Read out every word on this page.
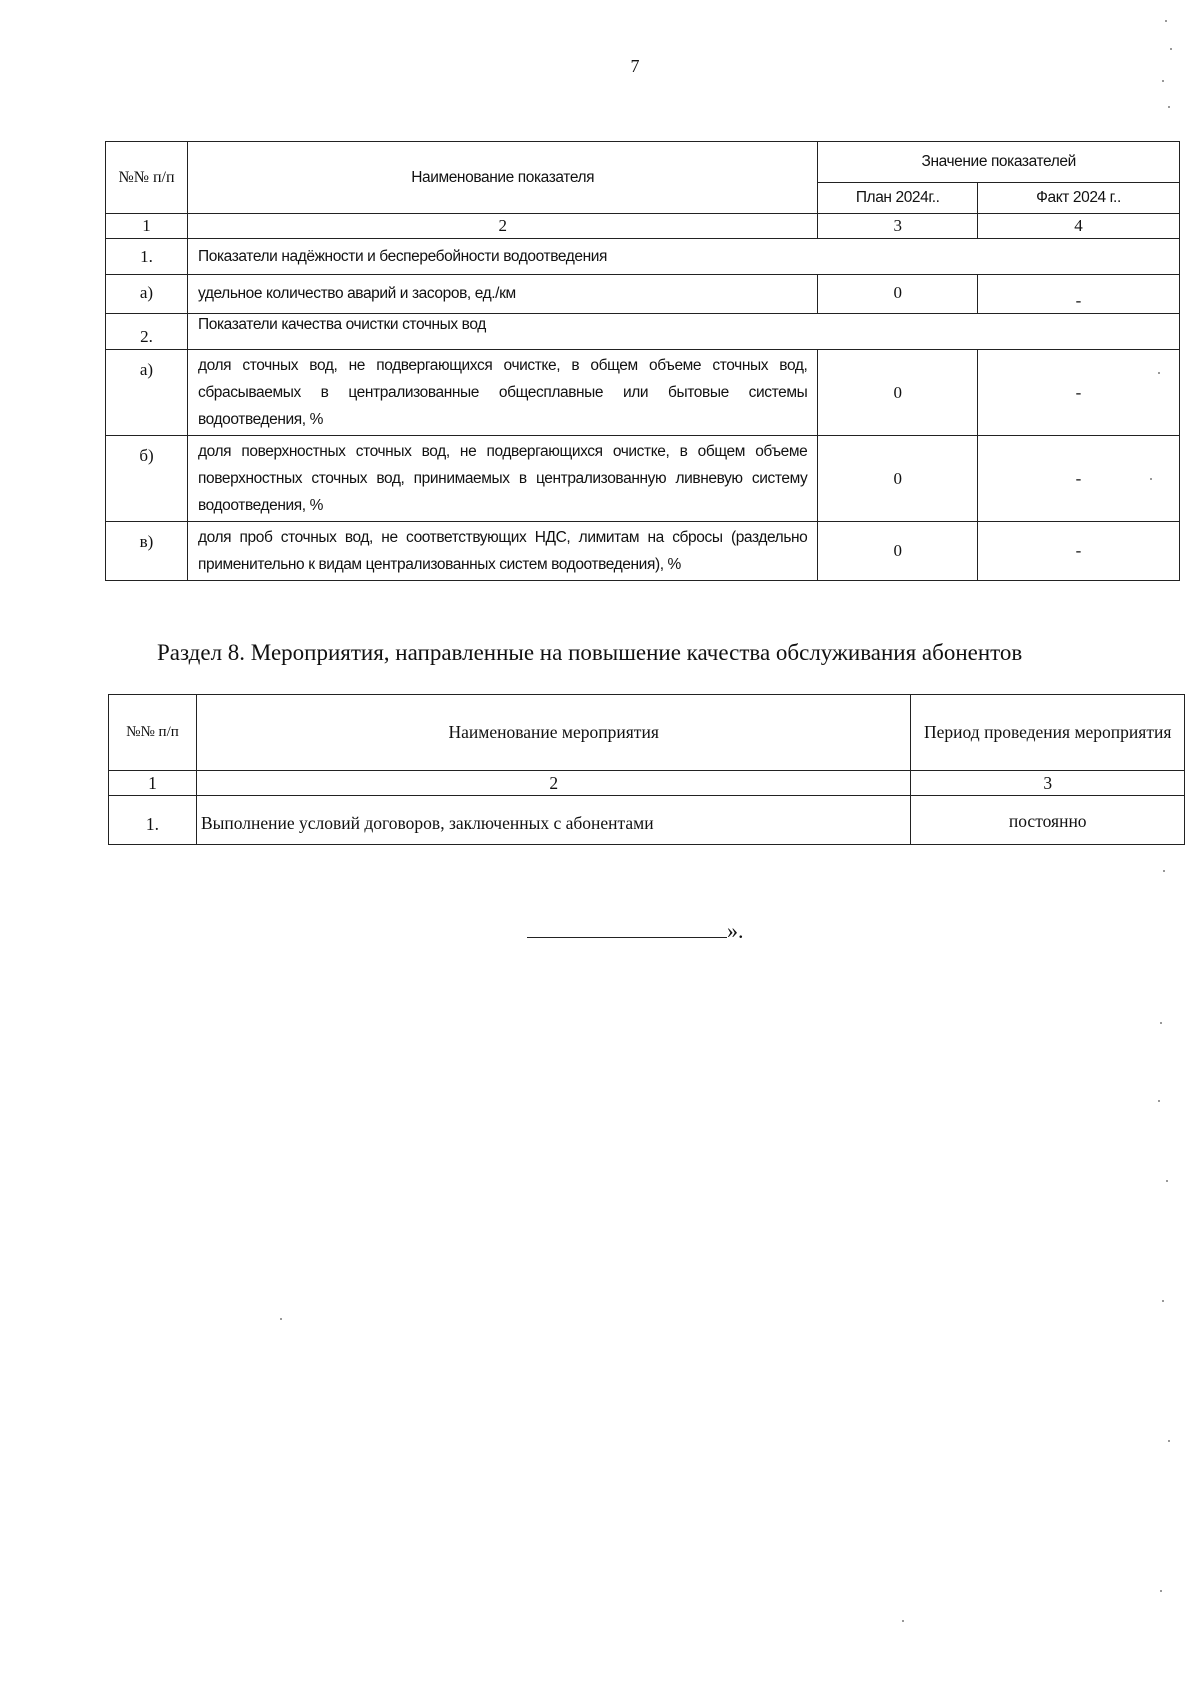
7
№№ п/п	Наименование показателя	Значение показателей	
		План 2024г..	Факт 2024 г..
1	2	3	4
1.	Показатели надёжности и бесперебойности водоотведения		
а)	удельное количество аварий и засоров, ед./км	0	-
2.	Показатели качества очистки сточных вод		
а)	доля сточных вод, не подвергающихся очистке, в общем объеме сточных вод, сбрасываемых в централизованные общесплавные или бытовые системы водоотведения, %	0	-
б)	доля поверхностных сточных вод, не подвергающихся очистке, в общем объеме поверхностных сточных вод, принимаемых в централизованную ливневую систему водоотведения, %	0	-
в)	доля проб сточных вод, не соответствующих НДС, лимитам на сбросы (раздельно применительно к видам централизованных систем водоотведения), %	0	-
Раздел 8. Мероприятия, направленные на повышение качества обслуживания абонентов
№№ п/п	Наименование мероприятия	Период проведения мероприятия
1	2	3
1.	Выполнение условий договоров, заключенных с абонентами	постоянно
».
